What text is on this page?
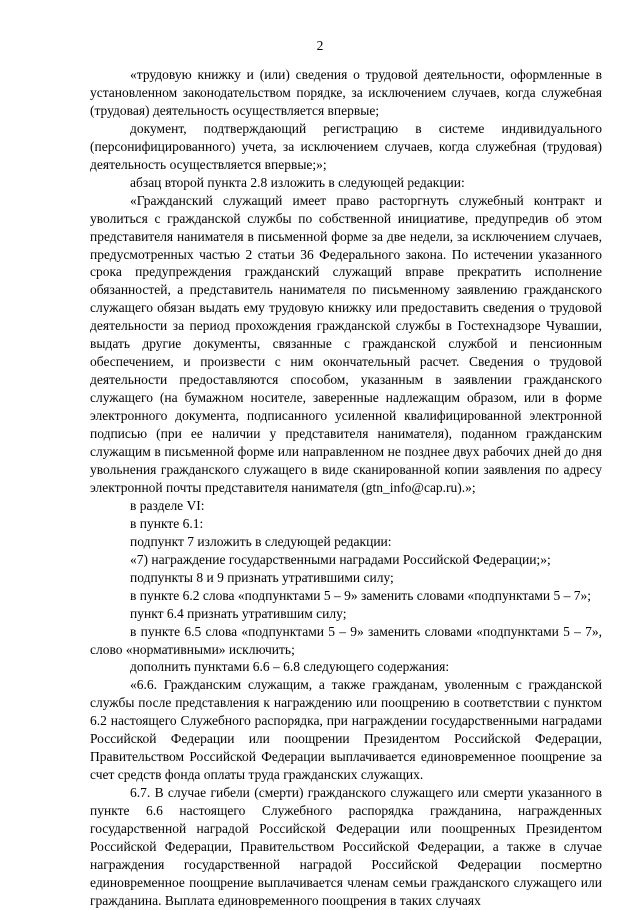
2

«трудовую книжку и (или) сведения о трудовой деятельности, оформленные в установленном законодательством порядке, за исключением случаев, когда служебная (трудовая) деятельность осуществляется впервые;

документ, подтверждающий регистрацию в системе индивидуального (персонифицированного) учета, за исключением случаев, когда служебная (трудовая) деятельность осуществляется впервые;»;

абзац второй пункта 2.8 изложить в следующей редакции:

«Гражданский служащий имеет право расторгнуть служебный контракт и уволиться с гражданской службы по собственной инициативе, предупредив об этом представителя нанимателя в письменной форме за две недели, за исключением случаев, предусмотренных частью 2 статьи 36 Федерального закона. По истечении указанного срока предупреждения гражданский служащий вправе прекратить исполнение обязанностей, а представитель нанимателя по письменному заявлению гражданского служащего обязан выдать ему трудовую книжку или предоставить сведения о трудовой деятельности за период прохождения гражданской службы в Гостехнадзоре Чувашии, выдать другие документы, связанные с гражданской службой и пенсионным обеспечением, и произвести с ним окончательный расчет. Сведения о трудовой деятельности предоставляются способом, указанным в заявлении гражданского служащего (на бумажном носителе, заверенные надлежащим образом, или в форме электронного документа, подписанного усиленной квалифицированной электронной подписью (при ее наличии у представителя нанимателя), поданном гражданским служащим в письменной форме или направленном не позднее двух рабочих дней до дня увольнения гражданского служащего в виде сканированной копии заявления по адресу электронной почты представителя нанимателя (gtn_info@cap.ru).»;

в разделе VI:

в пункте 6.1:

подпункт 7 изложить в следующей редакции:

«7) награждение государственными наградами Российской Федерации;»;

подпункты 8 и 9 признать утратившими силу;

в пункте 6.2 слова «подпунктами 5 – 9» заменить словами «подпунктами 5 – 7»;

пункт 6.4 признать утратившим силу;

в пункте 6.5 слова «подпунктами 5 – 9» заменить словами «подпунктами 5 – 7», слово «нормативными» исключить;

дополнить пунктами 6.6 – 6.8 следующего содержания:

«6.6. Гражданским служащим, а также гражданам, уволенным с гражданской службы после представления к награждению или поощрению в соответствии с пунктом 6.2 настоящего Служебного распорядка, при награждении государственными наградами Российской Федерации или поощрении Президентом Российской Федерации, Правительством Российской Федерации выплачивается единовременное поощрение за счет средств фонда оплаты труда гражданских служащих.

6.7. В случае гибели (смерти) гражданского служащего или смерти указанного в пункте 6.6 настоящего Служебного распорядка гражданина, награжденных государственной наградой Российской Федерации или поощренных Президентом Российской Федерации, Правительством Российской Федерации, а также в случае награждения государственной наградой Российской Федерации посмертно единовременное поощрение выплачивается членам семьи гражданского служащего или гражданина. Выплата единовременного поощрения в таких случаях
